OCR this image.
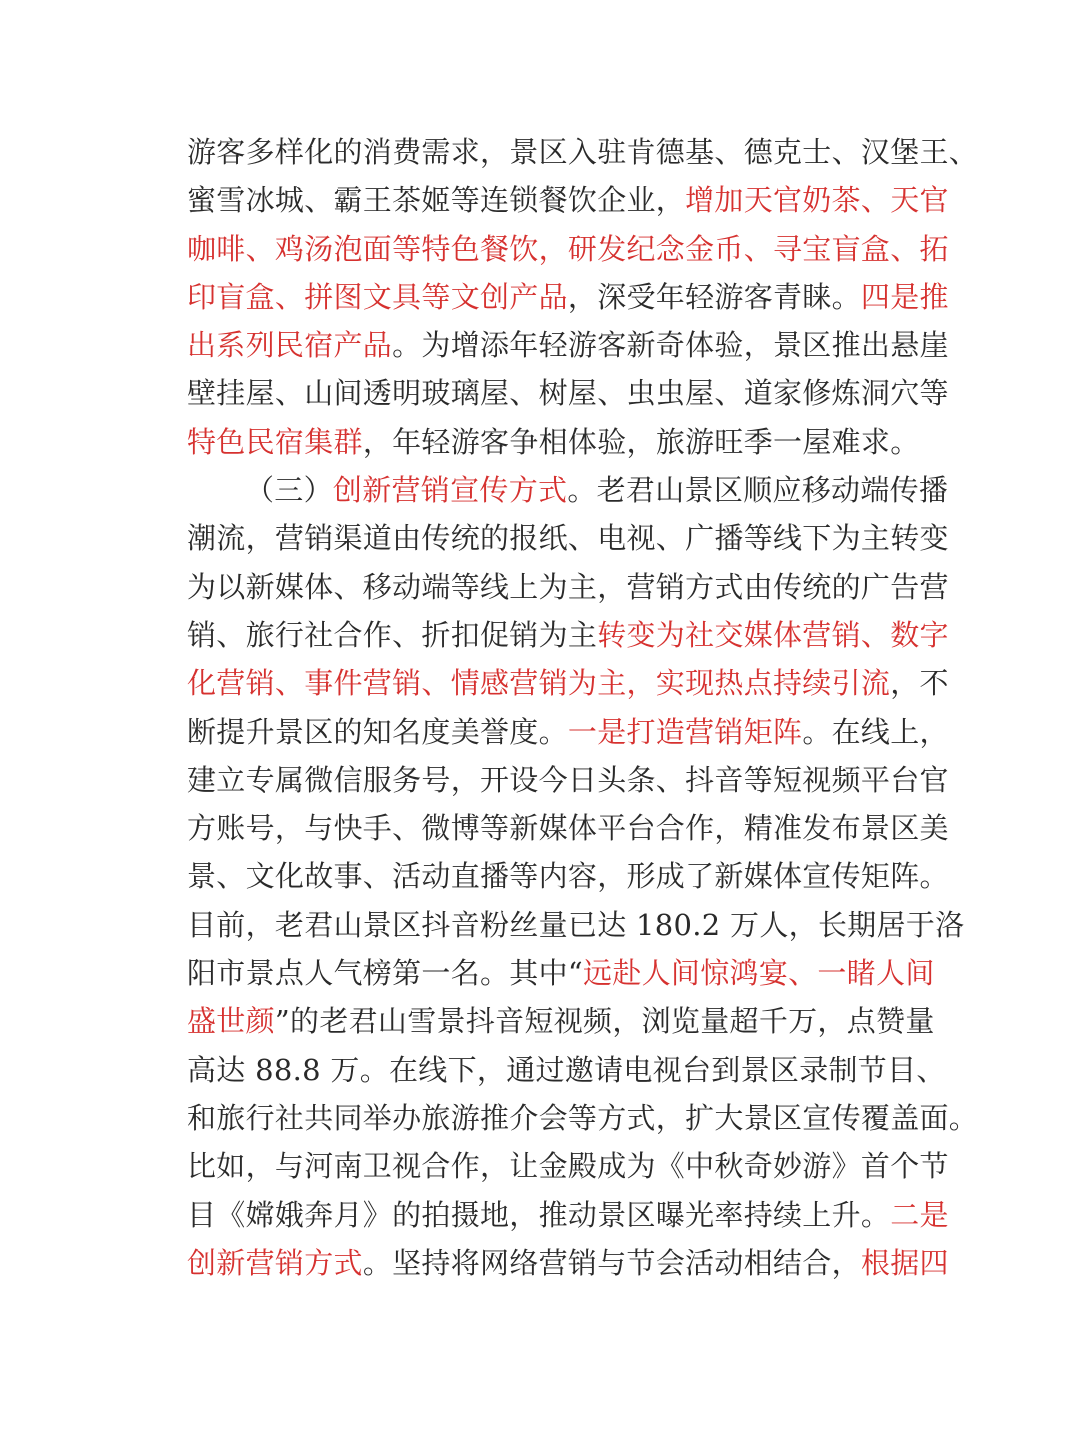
游客多样化的消费需求，景区入驻肯德基、德克士、汉堡王、
蜜雪冰城、霸王茶姬等连锁餐饮企业，增加天官奶茶、天官
咖啡、鸡汤泡面等特色餐饮，研发纪念金币、寻宝盲盒、拓
印盲盒、拼图文具等文创产品，深受年轻游客青睐。四是推
出系列民宿产品。为增添年轻游客新奇体验，景区推出悬崖
壁挂屋、山间透明玻璃屋、树屋、虫虫屋、道家修炼洞穴等
特色民宿集群，年轻游客争相体验，旅游旺季一屋难求。
（三）创新营销宣传方式。老君山景区顺应移动端传播
潮流，营销渠道由传统的报纸、电视、广播等线下为主转变
为以新媒体、移动端等线上为主，营销方式由传统的广告营
销、旅行社合作、折扣促销为主转变为社交媒体营销、数字
化营销、事件营销、情感营销为主，实现热点持续引流，不
断提升景区的知名度美誉度。一是打造营销矩阵。在线上，
建立专属微信服务号，开设今日头条、抖音等短视频平台官
方账号，与快手、微博等新媒体平台合作，精准发布景区美
景、文化故事、活动直播等内容，形成了新媒体宣传矩阵。
目前，老君山景区抖音粉丝量已达 180.2 万人，长期居于洛
阳市景点人气榜第一名。其中“远赴人间惊鸿宴、一睹人间
盛世颜”的老君山雪景抖音短视频，浏览量超千万，点赞量
高达 88.8 万。在线下，通过邀请电视台到景区录制节目、
和旅行社共同举办旅游推介会等方式，扩大景区宣传覆盖面。
比如，与河南卫视合作，让金殿成为《中秋奇妙游》首个节
目《嫦娥奔月》的拍摄地，推动景区曝光率持续上升。二是
创新营销方式。坚持将网络营销与节会活动相结合，根据四
